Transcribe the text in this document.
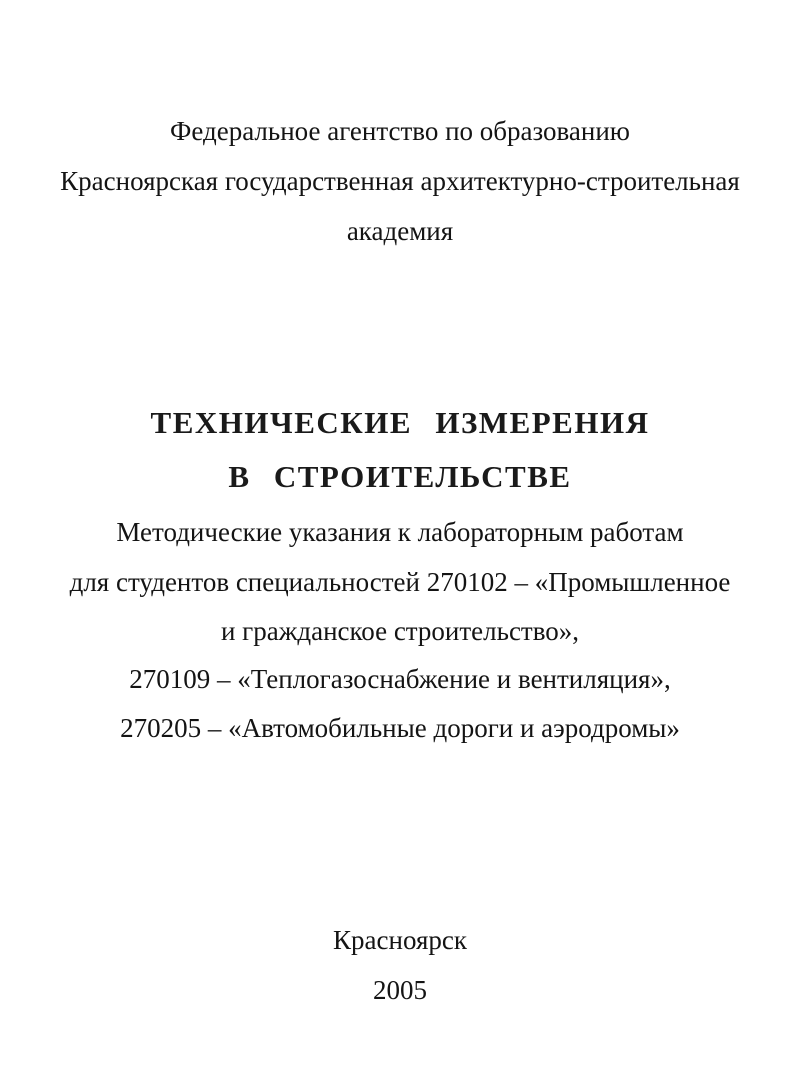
Федеральное агентство по образованию
Красноярская государственная архитектурно-строительная
академия
ТЕХНИЧЕСКИЕ ИЗМЕРЕНИЯ
В СТРОИТЕЛЬСТВЕ
Методические указания к лабораторным работам
для студентов специальностей 270102 – «Промышленное
и гражданское строительство»,
270109 – «Теплогазоснабжение и вентиляция»,
270205 – «Автомобильные дороги и аэродромы»
Красноярск
2005
